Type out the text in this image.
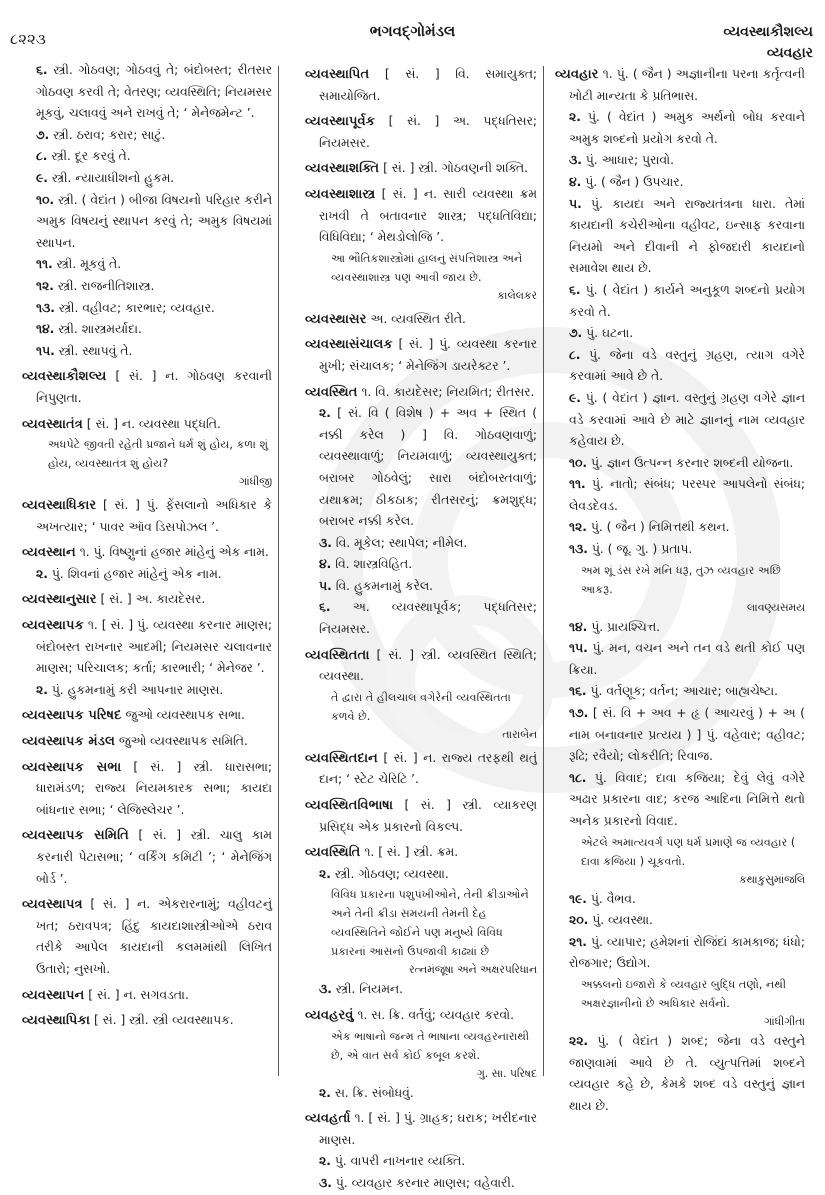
૮૨૨૩	ભગવદ્ગોમંડલ	વ્યવસ્થાકૌશલ્ય
વ્યવહાર

૬. સ્ત્રી. ગોઠવણ; ગોઠવવું તે; બંદોબસ્ત; રીતસર ગોઠવણ કરવી તે; વેતરણ; વ્યવસ્થિતિ; નિયમસર મૂકવું, ચલાવવું અને રાખવું તે; ‘ મેનેજમેન્ટ ’.

૭. સ્ત્રી. ઠરાવ; કરાર; સાટું.

૮. સ્ત્રી. દૂર કરવું તે.

૯. સ્ત્રી. ન્યાયાધીશનો હુકમ.

૧૦. સ્ત્રી. ( વેદાંત ) બીજા વિષયનો પરિહાર કરીને અમુક વિષયનું સ્થાપન કરવું તે; અમુક વિષયમાં સ્થાપન.

૧૧. સ્ત્રી. મૂકવું તે.

૧૨. સ્ત્રી. રાજનીતિશાસ્ત્ર.

૧૩. સ્ત્રી. વહીવટ; કારભાર; વ્યવહાર.

૧૪. સ્ત્રી. શાસ્ત્રમર્યાદા.

૧૫. સ્ત્રી. સ્થાપવું તે.

વ્યવસ્થાકૌશલ્ય [ સં. ] ન. ગોઠવણ કરવાની નિપુણતા.

વ્યવસ્થાતંત્ર [ સં. ] ન. વ્યવસ્થા પદ્ધતિ.

અધપેટે જીવતી રહેતી પ્રજાને ધર્મ શું હોય, કળા શું હોય, વ્યવસ્થાતંત્ર શું હોય?

ગાંધીજી

વ્યવસ્થાધિકાર [ સં. ] પું. ફેંસલાનો અધિકાર કે અખત્યાર; ‘ પાવર ઑવ ડિસપોઝલ ’.

વ્યવસ્થાન ૧. પું. વિષ્ણુનાં હજાર માંહેનું એક નામ.

૨. પું. શિવનાં હજાર માંહેનું એક નામ.

વ્યવસ્થાનુસાર [ સં. ] અ. કાયદેસર.

વ્યવસ્થાપક ૧. [ સં. ] પું. વ્યવસ્થા કરનાર માણસ; બંદોબસ્ત રાખનાર આદમી; નિયમસર ચલાવનાર માણસ; પરિચાલક; કર્તા; કારભારી; ‘ મેનેજર ’.

૨. પું. હુકમનામું કરી આપનાર માણસ.

વ્યવસ્થાપક પરિષદ જુઓ વ્યવસ્થાપક સભા.

વ્યવસ્થાપક મંડલ જુઓ વ્યવસ્થાપક સમિતિ.

વ્યવસ્થાપક સભા [ સં. ] સ્ત્રી. ધારાસભા; ધારામંડળ; રાજ્ય નિયમકારક સભા; કાયદા બાંધનાર સભા; ‘ લેજિસ્લેચર ’.

વ્યવસ્થાપક સમિતિ [ સં. ] સ્ત્રી. ચાલુ કામ કરનારી પેટાસભા; ‘ વર્કિંગ કમિટી ’; ‘ મેનેજિંગ બોર્ડ ’.

વ્યવસ્થાપત્ર [ સં. ] ન. એકરારનામું; વહીવટનું ખત; ઠરાવપત્ર; હિંદુ કાયદાશાસ્ત્રીઓએ ઠરાવ તરીકે આપેલ કાયદાની કલમમાંથી લિખિત ઉતારો; નુસખો.

વ્યવસ્થાપન [ સં. ] ન. સગવડતા.

વ્યવસ્થાપિકા [ સં. ] સ્ત્રી. સ્ત્રી વ્યવસ્થાપક.

વ્યવસ્થાપિત [ સં. ] વિ. સમાયુક્ત; સમાયોજિત.

વ્યવસ્થાપૂર્વક [ સં. ] અ. પદ્ધતિસર; નિયમસર.

વ્યવસ્થાશક્તિ [ સં. ] સ્ત્રી. ગોઠવણની શક્તિ.

વ્યવસ્થાશાસ્ત્ર [ સં. ] ન. સારી વ્યવસ્થા ક્રમ રાખવી તે બતાવનાર શાસ્ત્ર; પદ્ધતિવિદ્યા; વિધિવિદ્યા; ‘ મેથડોલોજિ ’.

આ ભૌતિકશાસ્ત્રોમાં હાલનું સંપત્તિશાસ્ત્ર અને વ્યવસ્થાશાસ્ત્ર પણ આવી જાય છે.

કાલેલકર

વ્યવસ્થાસર અ. વ્યવસ્થિત રીતે.

વ્યવસ્થાસંચાલક [ સં. ] પું. વ્યવસ્થા કરનાર મુખી; સંચાલક; ‘ મેનેજિંગ ડાયરેક્ટર ’.

વ્યવસ્થિત ૧. વિ. કાયદેસર; નિયમિત; રીતસર.

૨. [ સં. વિ ( વિશેષ ) + અવ + સ્થિત ( નક્કી કરેલ ) ] વિ. ગોઠવણવાળું; વ્યવસ્થાવાળું; નિયમવાળું; વ્યવસ્થાયુક્ત; બરાબર ગોઠવેલું; સારા બંદોબસ્તવાળું; યથાક્રમ; ઠીકઠાક; રીતસરનું; ક્રમશુદ્ધ; બરાબર નક્કી કરેલ.

૩. વિ. મૂકેલ; સ્થાપેલ; નીમેલ.

૪. વિ. શાસ્ત્રવિહિત.

૫. વિ. હુકમનામું કરેલ.

૬. અ. વ્યવસ્થાપૂર્વક; પદ્ધતિસર; નિયમસર.

વ્યવસ્થિતતા [ સં. ] સ્ત્રી. વ્યવસ્થિત સ્થિતિ; વ્યવસ્થા.

તે દ્વારા તે હીલચાલ વગેરેની વ્યવસ્થિતતા કળવે છે.

તારાબેન

વ્યવસ્થિતદાન [ સં. ] ન. રાજ્ય તરફથી થતું દાન; ‘ સ્ટેટ ચેરિટિ ’.

વ્યવસ્થિતવિભાષા [ સં. ] સ્ત્રી. વ્યાકરણ પ્રસિદ્ધ એક પ્રકારનો વિકલ્પ.

વ્યવસ્થિતિ ૧. [ સં. ] સ્ત્રી. ક્રમ.

૨. સ્ત્રી. ગોઠવણ; વ્યવસ્થા.

વિવિધ પ્રકારના પશુપંખીઓને, તેની ક્રીડાઓને અને તેની ક્રીડા સમયની તેમની દેહ વ્યવસ્થિતિને જોઈને પણ મનુષ્યે વિવિધ પ્રકારનાં આસનો ઉપજાવી કાઢ્યાં છે

રત્નમંજૂષા અને અક્ષરપરિધાન

૩. સ્ત્રી. નિયમન.

વ્યવહરવું ૧. સ. ક્રિ. વર્તવું; વ્યવહાર કરવો.

એક ભાષાનો જન્મ તે ભાષાના વ્યવહરનારાથી છે, એ વાત સર્વ કોઈ કબૂલ કરશે.

ગુ. સા. પરિષદ

૨. સ. ક્રિ. સંબોધવું.

વ્યવહર્તા ૧. [ સં. ] પું. ગ્રાહક; ઘરાક; ખરીદનાર માણસ.

૨. પું. વાપરી નાખનાર વ્યક્તિ.

૩. પું. વ્યવહાર કરનાર માણસ; વહેવારી.

વ્યવહાર ૧. પું. ( જૈન ) અજ્ઞાનીના પરના કર્તૃત્વની ખોટી માન્યતા કે પ્રતિભાસ.

૨. પું. ( વેદાંત ) અમુક અર્થનો બોધ કરવાને અમુક શબ્દનો પ્રયોગ કરવો તે.

૩. પું. આધાર; પુરાવો.

૪. પું. ( જૈન ) ઉપચાર.

૫. પું. કાયદા અને રાજ્યતંત્રના ધારા. તેમાં કાયદાની કચેરીઓના વહીવટ, ઇન્સાફ કરવાના નિયમો અને દીવાની ને ફોજદારી કાયદાનો સમાવેશ થાય છે.

૬. પું. ( વેદાંત ) કાર્યને અનુકૂળ શબ્દનો પ્રયોગ કરવો તે.

૭. પું. ઘટના.

૮. પું. જેના વડે વસ્તુનું ગ્રહણ, ત્યાગ વગેરે કરવામાં આવે છે તે.

૯. પું. ( વેદાંત ) જ્ઞાન. વસ્તુનું ગ્રહણ વગેરે જ્ઞાન વડે કરવામાં આવે છે માટે જ્ઞાનનું નામ વ્યવહાર કહેવાય છે.

૧૦. પું. જ્ઞાન ઉત્પન્ન કરનાર શબ્દની યોજના.

૧૧. પું. નાતો; સંબંધ; પરસ્પર આપલેનો સંબંધ; લેવડદેવડ.

૧૨. પું. ( જૈન ) નિમિત્તથી કથન.

૧૩. પું. ( જૂ. ગુ. ) પ્રતાપ.

અમ શૂં ડંસ રખે મનિ ધરૂ, તુઝ વ્યવહાર અછિ આકરૂ.

લાવણ્યસમય

૧૪. પું. પ્રાયશ્ચિત્ત.

૧૫. પું. મન, વચન અને તન વડે થતી કોઈ પણ ક્રિયા.

૧૬. પું. વર્તણૂક; વર્તન; આચાર; બાહ્યચેષ્ટા.

૧૭. [ સં. વિ + અવ + હૃ ( આચરવું ) + અ ( નામ બનાવનાર પ્રત્યય ) ] પું. વહેવાર; વહીવટ; રૂઢિ; રવૈયો; લોકરીતિ; રિવાજ.

૧૮. પું. વિવાદ; દાવા કજિયા; દેવું લેવું વગેરે અઢાર પ્રકારના વાદ; કરજ આદિના નિમિત્તે થતો અનેક પ્રકારનો વિવાદ.

એટલે અમાત્યવર્ગ પણ ધર્મ પ્રમાણે જ વ્યવહાર ( દાવા કજિયા ) ચૂકવતો.

કથાકુસુમાંજલિ

૧૯. પું. વૈભવ.

૨૦. પું. વ્યવસ્થા.

૨૧. પું. વ્યાપાર; હમેશનાં રોજિંદાં કામકાજ; ધંધો; રોજગાર; ઉદ્યોગ.

અક્કલનો ઇજારો કે વ્યવહાર બુદ્ધિ તણો, નથી અક્ષરજ્ઞાનીનો છે અધિકાર સર્વનો.

ગાંધીગીતા

૨૨. પું. ( વેદાંત ) શબ્દ; જેના વડે વસ્તુને જાણવામાં આવે છે તે. વ્યુત્પત્તિમાં શબ્દને વ્યવહાર કહે છે, કેમકે શબ્દ વડે વસ્તુનું જ્ઞાન થાય છે.
